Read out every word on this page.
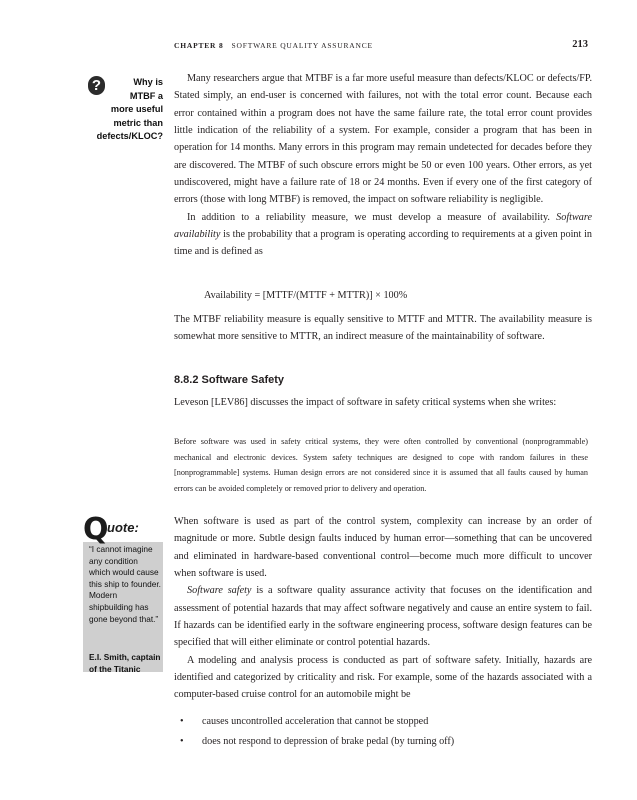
CHAPTER 8 SOFTWARE QUALITY ASSURANCE	213
?	Why is MTBF a more useful metric than defects/KLOC?

Many researchers argue that MTBF is a far more useful measure than defects/KLOC or defects/FP. Stated simply, an end-user is concerned with failures, not with the total error count. Because each error contained within a program does not have the same failure rate, the total error count provides little indication of the reliability of a system. For example, consider a program that has been in operation for 14 months. Many errors in this program may remain undetected for decades before they are discovered. The MTBF of such obscure errors might be 50 or even 100 years. Other errors, as yet undiscovered, might have a failure rate of 18 or 24 months. Even if every one of the first category of errors (those with long MTBF) is removed, the impact on software reliability is negligible.

In addition to a reliability measure, we must develop a measure of availability. Software availability is the probability that a program is operating according to requirements at a given point in time and is defined as

Availability = [MTTF/(MTTF + MTTR)] × 100%

The MTBF reliability measure is equally sensitive to MTTF and MTTR. The availability measure is somewhat more sensitive to MTTR, an indirect measure of the maintainability of software.

8.8.2 Software Safety

Leveson [LEV86] discusses the impact of software in safety critical systems when she writes:

Before software was used in safety critical systems, they were often controlled by conventional (nonprogrammable) mechanical and electronic devices. System safety techniques are designed to cope with random failures in these [nonprogrammable] systems. Human design errors are not considered since it is assumed that all faults caused by human errors can be avoided completely or removed prior to delivery and operation.

Q
uote:
“I cannot imagine any condition which would cause this ship to founder. Modern shipbuilding has gone beyond that.”
E.I. Smith, captain of the Titanic

When software is used as part of the control system, complexity can increase by an order of magnitude or more. Subtle design faults induced by human error—something that can be uncovered and eliminated in hardware-based conventional control—become much more difficult to uncover when software is used.

Software safety is a software quality assurance activity that focuses on the identification and assessment of potential hazards that may affect software negatively and cause an entire system to fail. If hazards can be identified early in the software engineering process, software design features can be specified that will either eliminate or control potential hazards.

A modeling and analysis process is conducted as part of software safety. Initially, hazards are identified and categorized by criticality and risk. For example, some of the hazards associated with a computer-based cruise control for an automobile might be

• causes uncontrolled acceleration that cannot be stopped
• does not respond to depression of brake pedal (by turning off)
